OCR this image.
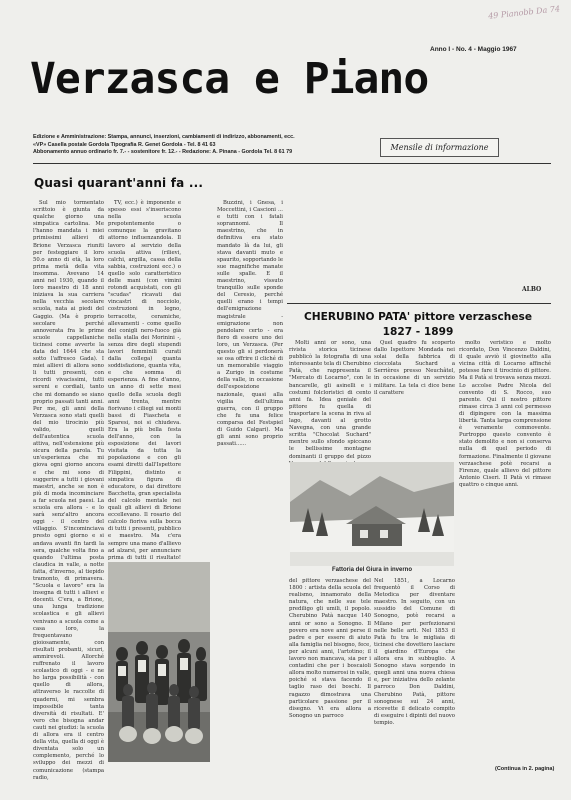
49 Pianobb Da 74
Anno I - No. 4 - Maggio 1967
Verzasca e Piano
Edizione e Amministrazione: Stampa, annunci, inserzioni, cambiamenti di indirizzo, abbonamenti, ecc.
«VP» Casella postale Gordola Tipografia R. Genet Gordola - Tel. 8 41 63
Abbonamento annuo ordinario fr. 7.- - sostenitore fr. 12.- - Redazione: A. Pinana - Gordola Tel. 8 61 79
Mensile di informazione
Quasi quarant'anni fa ...

Sul mio tormentato scrittoio è giunta da qualche giorno una simpatica cartolina. Me l'hanno mandata i miei primissimi allievi di Brione Verzasca riuniti per festeggiare il loro 50.o anno di età, la loro prima metà della vita insomma. Avevano 14 anni nel 1930, quando il loro maestro di 18 anni iniziava la sua carriera nella vecchia secolare scuola, nata ai piedi del Gaggio. (Ma è proprio secolare perché annoverata fra le prime scuole cappellaniche ticinesi come avverte la data del 1644 che sta sotto l'affresco Gada). I miei allievi di allora sono li tutti presenti, con ricordi vivacissimi, tutti sereni e cordiali, tanto che mi domando se siano proprio passati tanti anni. Per me, gli anni della Verzasca sono stati quelli del mio tirocinio più valido, quelli dell'autentica scuola attiva, nell'estensione più sicura della parola. Tu un'esperienza che mi giova ogni giorno ancora e che mi sono di suggerire a tutti i giovani maestri, anche se non è più di moda incominciare a far scuola nei paesi. La scuola era allora - e lo sarà senz'altro ancora oggi - il centro del villaggio. S'incominciava presto ogni giorno e si andava avanti fin tardi la sera, qualche volta fino a quando l'ultima posta claudica in valle, a notte fatta, d'inverno, al tiepido tramonto, di primavera. "Scuola e lavoro" era la insegna di tutti i allievi e docenti. C'era, a Brione, una lunga tradizione scolastica e gli allievi venivano a scuola come a casa loro, la frequentavano gioiosamente, con risultati probanti, sicuri, ammirevoli. Allorché ruffrenato il lavoro scolastico di oggi - e ne ho larga possibilità - con quello di allora, attraverso le raccolte di quaderni, mi sembra impossibile tanta diversità di risultati. E' vero che bisogna andar cauti nei giudizi: la scuola di allora era il centro della vita, quella di oggi è diventata solo un complemento, perché lo sviluppo dei mezzi di comunicazione (stampa radio,

TV, ecc.) è imponente e spesso essi s'inseriscono nella scuola prepotentemente o comunque la gravitano attorno influenzandola. Il lavoro al servizio della scuola attiva (rilievi, calchi, argilla, cassa della sabbia, costruzioni ecc.) o quello solo caratteristico delle mani (con vimini rotondi acquistati, con gli "scudas" ricavati dai vincastri di nocciolo, costruzioni in legno, terracotte, ceramiche, allevamenti - come quello dei conigli nero-fuoco già nella stalla dei Morinini -, senza dire degli stupendi lavori femminili curati dalla collega) quanta soddisfazione, quanta vita, e che somma di esperienza. A fine d'anno, un anno di sette mesi quello della scuola degli anni trenta, mentre fiorivano i ciliegi sui monti bassi di Fiascheta e Sparesi, noi si chiudeva. Era la più bella festa dell'anno, con la esposizione dei lavori visitata da tutta la popolazione e con gli esami diretti dall'Ispettore Filippini, distinto e simpatica figura di educatore, o dai direttore Bacchetta, gran specialista del calcolo mentale nei quali gli allievi di Brione eccellevano. Il rosario del calcolo fioriva sulla bocca di tutti i presenti, pubblico e maestro. Ma c'era sempre una mano d'allievo ad alzarsi, per annunciare prima di tutti il risultato!

Buzzini, i Gnesa, i Moccettini, i Cascioni ... e tutti con i fatali soprannomi. Il maestrino, che in definitiva era stato mandato là da lui, gli stava davanti muto e spaurito, sopportando le sue magnifiche manate sulle spalle. E il maestrino, vissuto tranquillo sulle sponde del Ceresio, perché quelli erano i tempi dell'emigrazione magistrale - emigrazione non pendolare certo - era fiero di essere uno dei loro, un Verzasca. (Per questo gli si perdonerà se osa offrire il cliché di un memorabile viaggio a Zurigo in costume della valle, in occasione dell'esposizione nazionale, quasi alla vigilia dell'ultima guerra, con il gruppo che fu una felice comparsa del Festspiel di Guido Calgari). Ma gli anni sono proprio passati......

ALBO
CHERUBINO PATA' pittore verzaschese
1827 - 1899

Molti anni or sono, una rivista storica ticinese pubblicò la fotografia di una interessante tela di Cherubino Patà, che rappresenta il "Mercato di Locarno", con le bancarelle, gli asinelli e i costumi folcloristici di cento anni fa. Idea geniale del pittore fu quella di trasportare la scena in riva al lago, davanti al grotto Navegna, con una grande scritta "Chocolat Suchard" mentre sullo sfondo spiccano le bellissime montagne dominanti il gruppo del pizzo

Quel quadro fu scoperto dallo Ispettore Mondada nei solai della fabbrica di cioccolata Suchard a Serrières presso Neuchâtel, in occasione di un servizio militare. La tela ci dice bene il carattere

molto veristico e molto ricordato, Don Vincenzo Daldini, il quale avviò il giovinetto alla vicina città di Locarno affinché potesse fare il tirocinio di pittore. Ma il Patà si trovava senza mezzi. Lo accolse Padre Nicola del convento di S. Rocco, suo parente. Qui il nostro pittore rimase circa 3 anni col permesso di dipingere con la massima libertà. Tanta larga comprensione è veramente commovente. Purtroppo questo convento è stato demolito e non si conserva nulla di quel periodo di formazione. Finalmente il giovane verzaschese potè recarsi a Firenze, quale allievo del pittore Antonio Ciseri. Il Patà vi rimase quattro o cinque anni.

del pittore verzaschese del 1800 : artista della scuola del realismo, innamorato della natura, che nelle sue tele prediligo gli umili, il popolo. Cherubino Patà nacque 140 anni or sono a Sonogno. Il povero era nove anni perse il padre e per essere di aiuto alla famiglia nel bisogno, fece, per alcuni anni, l'artotino; il lavoro non mancava, sia per i contadini che per i boscaioli allora molto numerosi in valle, poiché si stava facendo il taglio raso dei boschi. Il ragazzo dimostrava una particolare passione per il disegno. Vi era allora a Sonogno un parroco

Nel 1851, a Locarno frequentò il Corso di Metodica per diventare maestro. In seguito, con un sussidio del Comune di Sonogno, potè recarsi a Milano per perfezionarsi nelle belle arti. Nel 1853 il Patà fu tra le migliaia di ticinesi che dovettero lasciare il giardino d'Europa che allora era in subbuglio. A Sonogno stava sorgendo in quegli anni una nuova chiesa e, per iniziativa dello zelante parroco Don Daldini, Cherubino Patà, pittore sonognese sui 24 anni, ricevette il delicato compito di eseguire i dipinti del nuovo tempio.

(Continua in 2. pagina)
Fattoria del Giura in inverno
